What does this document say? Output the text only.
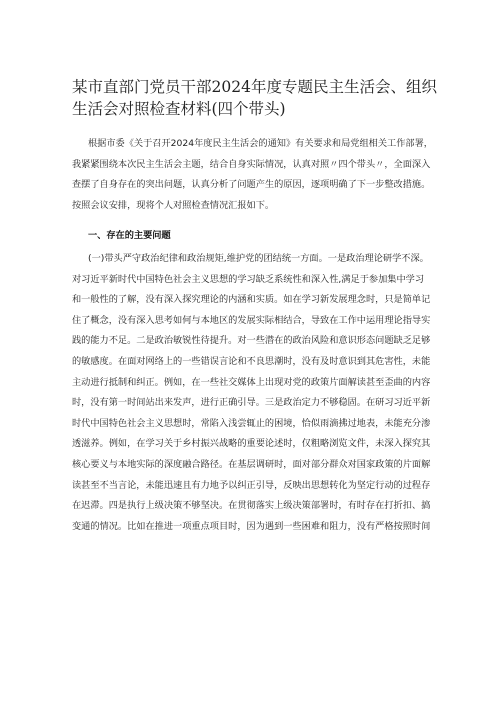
某市直部门党员干部2024年度专题民主生活会、组织
生活会对照检查材料(四个带头)
根据市委《关于召开2024年度民主生活会的通知》有关要求和局党组相关工作部署，
我紧紧围绕本次民主生活会主题，结合自身实际情况，认真对照〃四个带头〃，全面深入
查摆了自身存在的突出问题，认真分析了问题产生的原因，逐项明确了下一步整改措施。
按照会议安排，现将个人对照检查情况汇报如下。
一、存在的主要问题
(一)带头严守政治纪律和政治规矩,维护党的团结统一方面。一是政治理论研学不深。
对习近平新时代中国特色社会主义思想的学习缺乏系统性和深入性,满足于参加集中学习
和一般性的了解，没有深入探究理论的内涵和实质。如在学习新发展理念时，只是简单记
住了概念，没有深入思考如何与本地区的发展实际相结合，导致在工作中运用理论指导实
践的能力不足。二是政治敏锐性待提升。对一些潜在的政治风险和意识形态问题缺乏足够
的敏感度。在面对网络上的一些错误言论和不良思潮时，没有及时意识到其危害性，未能
主动进行抵制和纠正。例如，在一些社交媒体上出现对党的政策片面解读甚至歪曲的内容
时，没有第一时间站出来发声，进行正确引导。三是政治定力不够稳固。在研习习近平新
时代中国特色社会主义思想时，常陷入浅尝辄止的困境，恰似雨滴拂过地表，未能充分渗
透滋养。例如，在学习关于乡村振兴战略的重要论述时，仅粗略浏览文件，未深入探究其
核心要义与本地实际的深度融合路径。在基层调研时，面对部分群众对国家政策的片面解
读甚至不当言论，未能迅速且有力地予以纠正引导，反映出思想转化为坚定行动的过程存
在迟滞。四是执行上级决策不够坚决。在贯彻落实上级决策部署时，有时存在打折扣、搞
变通的情况。比如在推进一项重点项目时，因为遇到一些困难和阻力，没有严格按照时间
